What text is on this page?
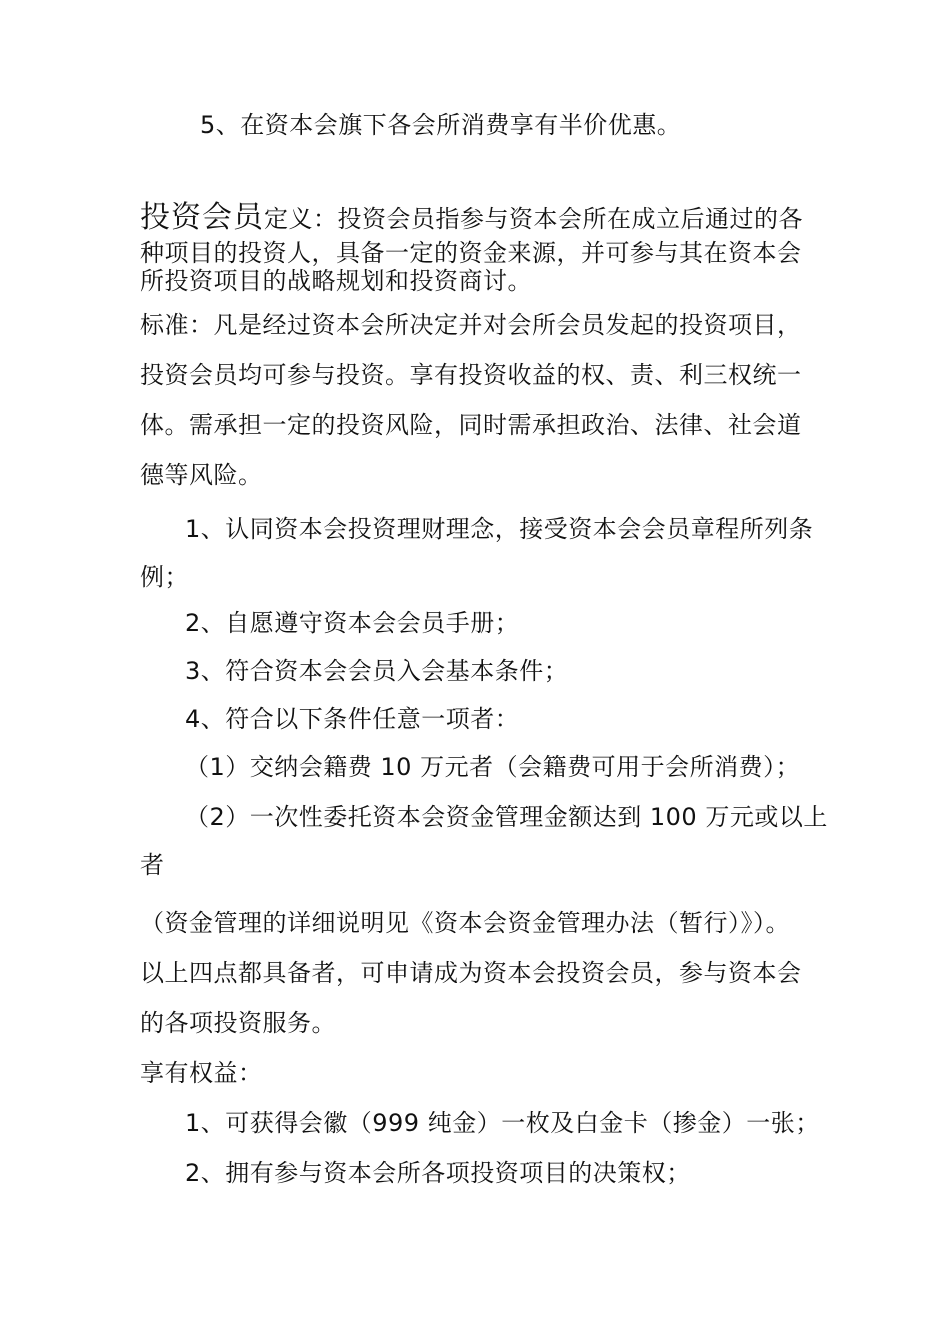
5、在资本会旗下各会所消费享有半价优惠。
投资会员定义：投资会员指参与资本会所在成立后通过的各
种项目的投资人，具备一定的资金来源，并可参与其在资本会
所投资项目的战略规划和投资商讨。
标准：凡是经过资本会所决定并对会所会员发起的投资项目，
投资会员均可参与投资。享有投资收益的权、责、利三权统一
体。需承担一定的投资风险，同时需承担政治、法律、社会道
德等风险。
1、认同资本会投资理财理念，接受资本会会员章程所列条
例；
2、自愿遵守资本会会员手册；
3、符合资本会会员入会基本条件；
4、符合以下条件任意一项者：
（1）交纳会籍费 10 万元者（会籍费可用于会所消费）；
（2）一次性委托资本会资金管理金额达到 100 万元或以上
者
（资金管理的详细说明见《资本会资金管理办法（暂行）》）。
以上四点都具备者，可申请成为资本会投资会员，参与资本会
的各项投资服务。
享有权益：
1、可获得会徽（999 纯金）一枚及白金卡（掺金）一张；
2、拥有参与资本会所各项投资项目的决策权；
